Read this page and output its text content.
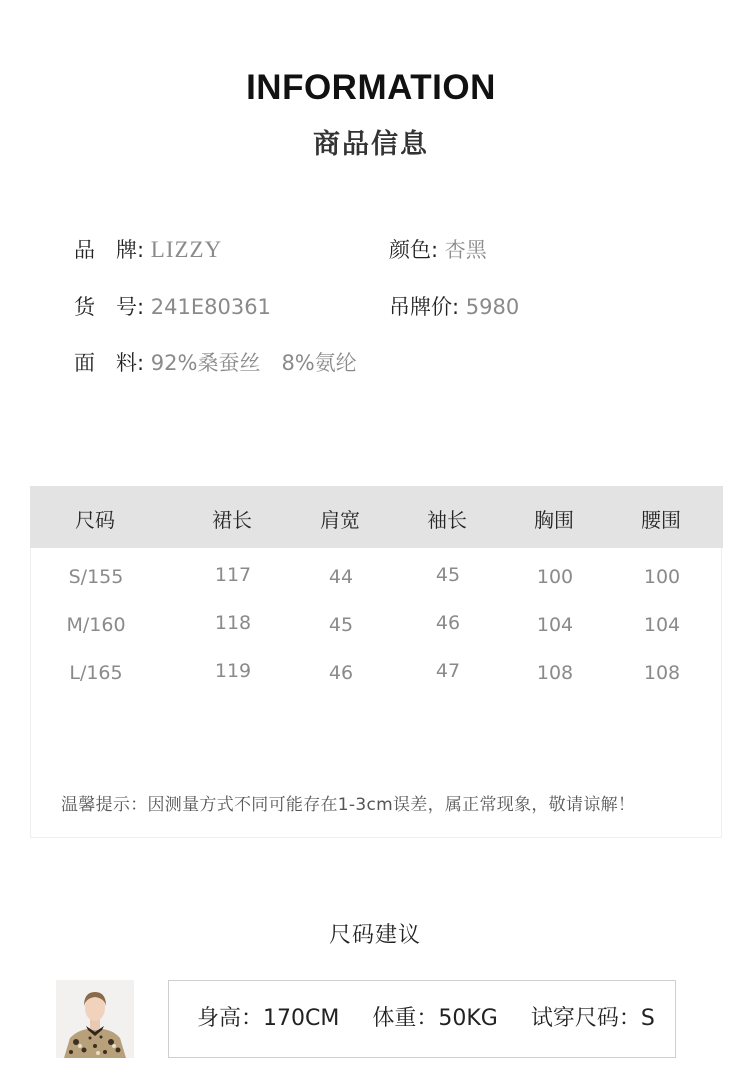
INFORMATION
商品信息
品　牌: LIZZY	颜色: 杏黑
货　号: 241E80361	吊牌价: 5980
面　料: 92%桑蚕丝　8%氨纶
尺码	裙长	肩宽	袖长	胸围	腰围
S/155	117	44	45	100	100
M/160	118	45	46	104	104
L/165	119	46	47	108	108
温馨提示：因测量方式不同可能存在1-3cm误差，属正常现象，敬请谅解！
尺码建议
身高：170CM 体重：50KG 试穿尺码：S
